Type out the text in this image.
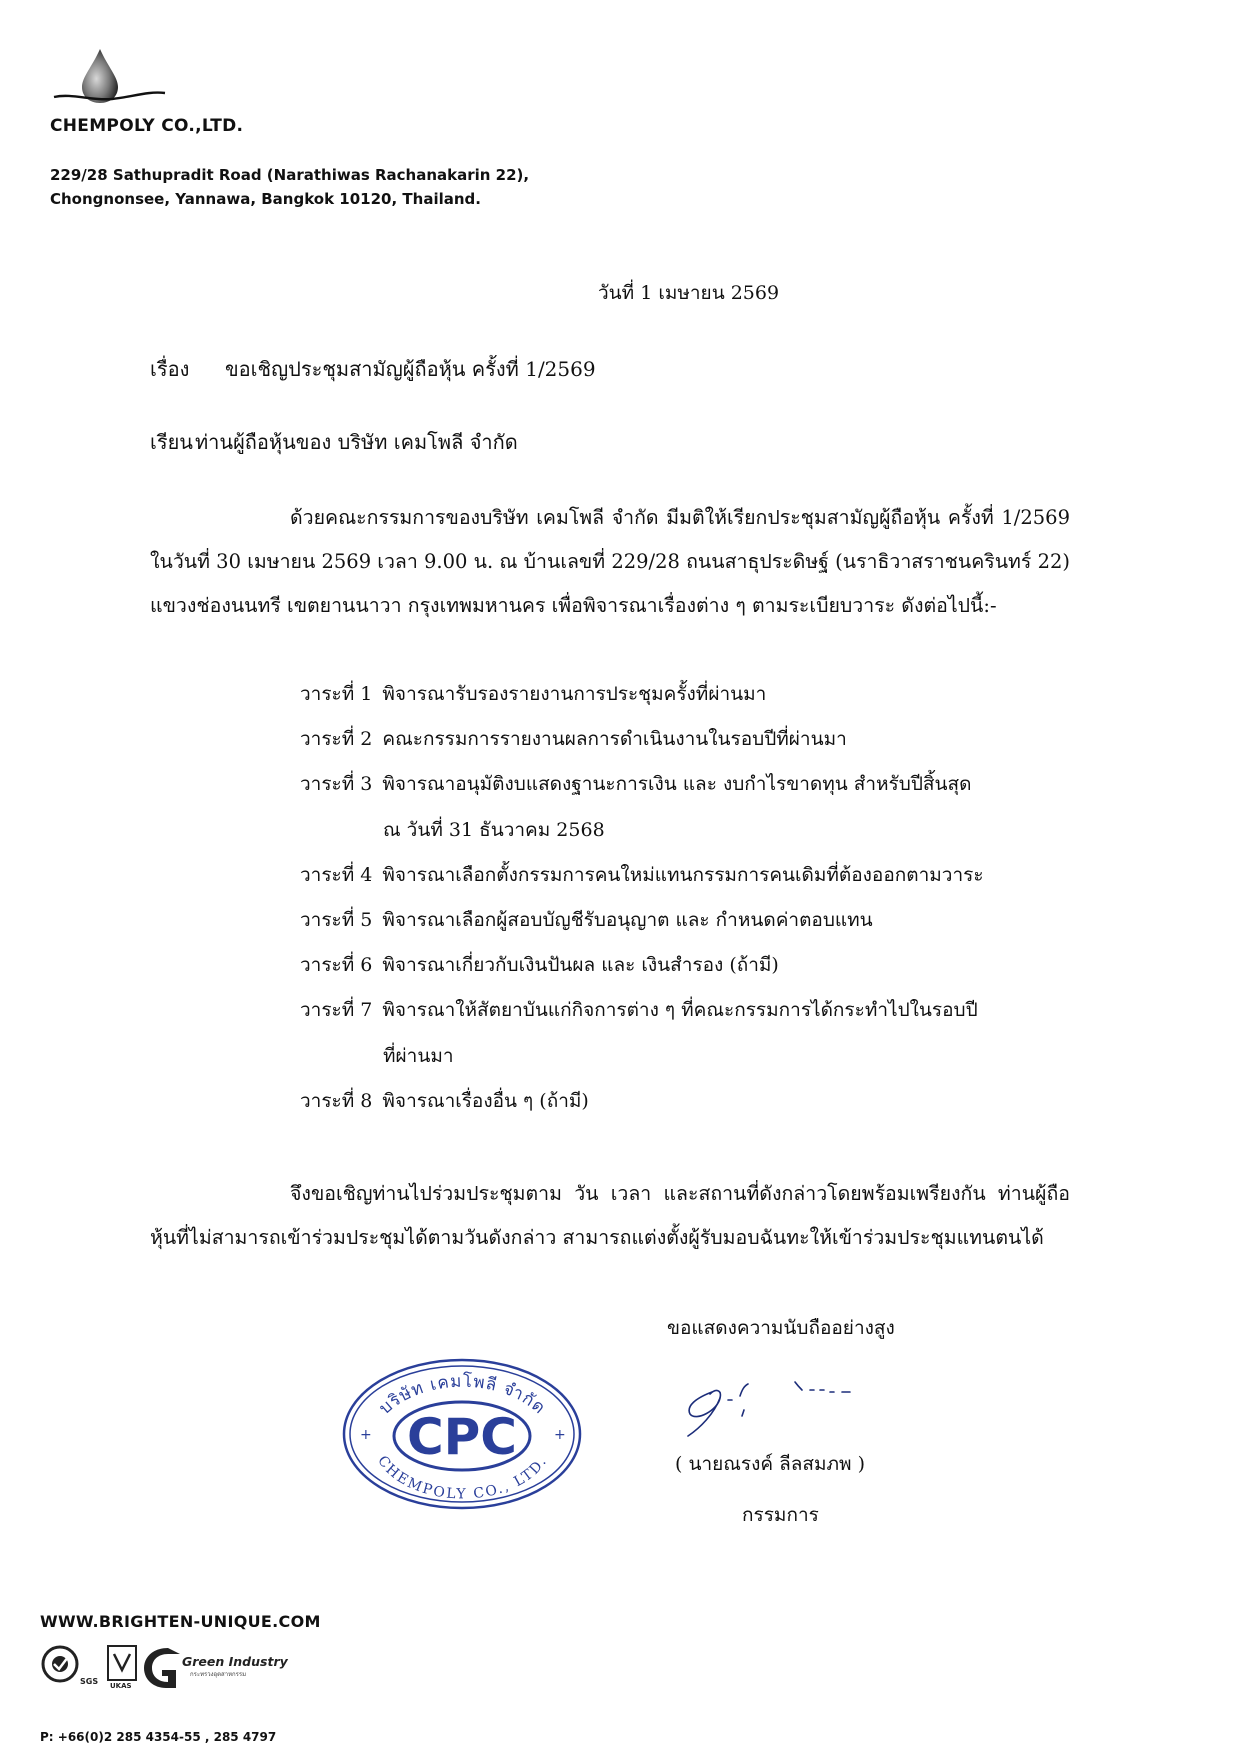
CHEMPOLY CO.,LTD.
229/28 Sathupradit Road (Narathiwas Rachanakarin 22),
Chongnonsee, Yannawa, Bangkok 10120, Thailand.
วันที่ 1 เมษายน 2569
เรื่อง ขอเชิญประชุมสามัญผู้ถือหุ้น ครั้งที่ 1/2569
เรียน ท่านผู้ถือหุ้นของ บริษัท เคมโพลี จำกัด
ด้วยคณะกรรมการของบริษัท เคมโพลี จำกัด มีมติให้เรียกประชุมสามัญผู้ถือหุ้น ครั้งที่ 1/2569 ในวันที่ 30 เมษายน 2569 เวลา 9.00 น. ณ บ้านเลขที่ 229/28 ถนนสาธุประดิษฐ์ (นราธิวาสราชนครินทร์ 22) แขวงช่องนนทรี เขตยานนาวา กรุงเทพมหานคร เพื่อพิจารณาเรื่องต่าง ๆ ตามระเบียบวาระ ดังต่อไปนี้:-
วาระที่ 1 พิจารณารับรองรายงานการประชุมครั้งที่ผ่านมา
วาระที่ 2 คณะกรรมการรายงานผลการดำเนินงานในรอบปีที่ผ่านมา
วาระที่ 3 พิจารณาอนุมัติงบแสดงฐานะการเงิน และ งบกำไรขาดทุน สำหรับปีสิ้นสุด
ณ วันที่ 31 ธันวาคม 2568
วาระที่ 4 พิจารณาเลือกตั้งกรรมการคนใหม่แทนกรรมการคนเดิมที่ต้องออกตามวาระ
วาระที่ 5 พิจารณาเลือกผู้สอบบัญชีรับอนุญาต และ กำหนดค่าตอบแทน
วาระที่ 6 พิจารณาเกี่ยวกับเงินปันผล และ เงินสำรอง (ถ้ามี)
วาระที่ 7 พิจารณาให้สัตยาบันแก่กิจการต่าง ๆ ที่คณะกรรมการได้กระทำไปในรอบปี
ที่ผ่านมา
วาระที่ 8 พิจารณาเรื่องอื่น ๆ (ถ้ามี)
จึงขอเชิญท่านไปร่วมประชุมตาม วัน เวลา และสถานที่ดังกล่าวโดยพร้อมเพรียงกัน ท่านผู้ถือหุ้นที่ไม่สามารถเข้าร่วมประชุมได้ตามวันดังกล่าว สามารถแต่งตั้งผู้รับมอบฉันทะให้เข้าร่วมประชุมแทนตนได้
ขอแสดงความนับถืออย่างสูง
บริษัท เคมโพลี จำกัด
CHEMPOLY CO., LTD.
CPC
+	+
( นายณรงค์ ลีลสมภพ )
กรรมการ
WWW.BRIGHTEN-UNIQUE.COM
SGS UKAS
Green Industry
กระทรวงอุตสาหกรรม
P: +66(0)2 285 4354-55 , 285 4797
